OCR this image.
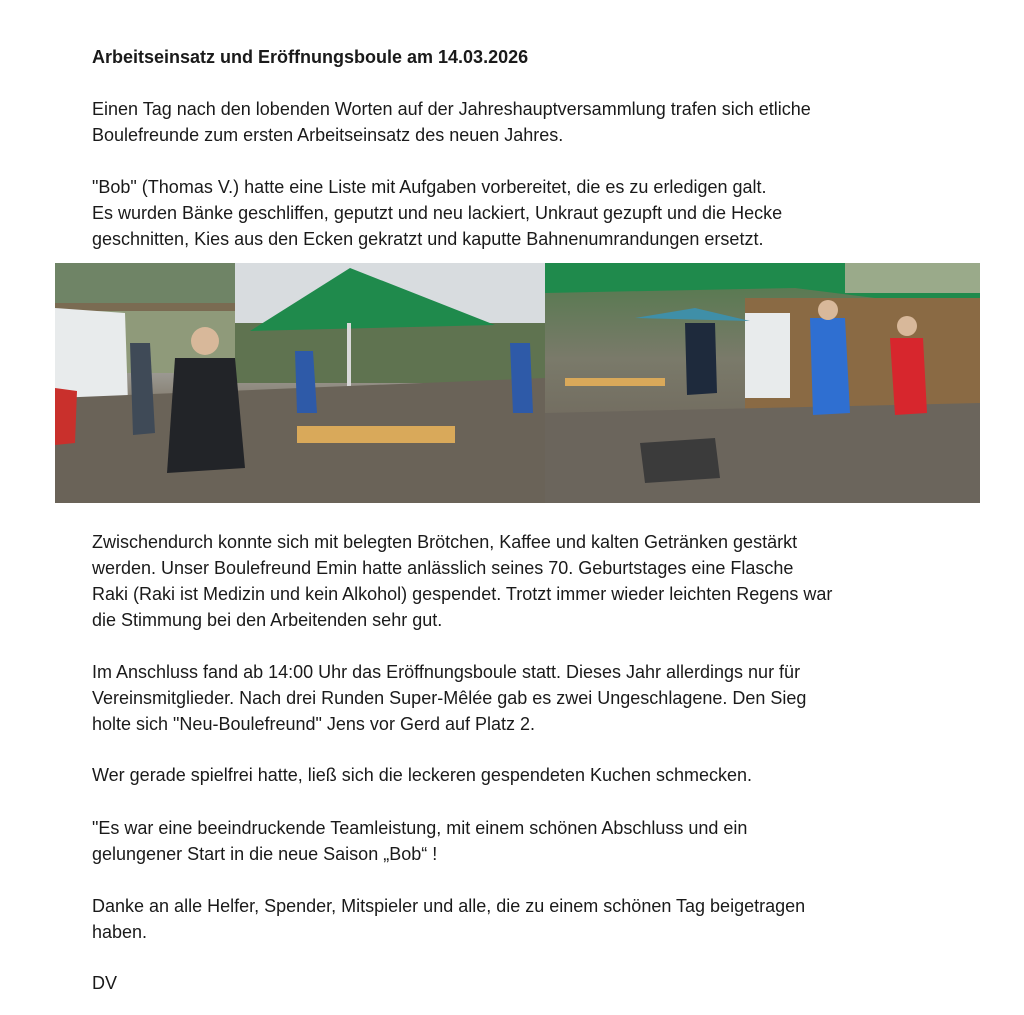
Arbeitseinsatz und Eröffnungsboule am 14.03.2026

Einen Tag nach den lobenden Worten auf der Jahreshauptversammlung trafen sich etliche
Boulefreunde zum ersten Arbeitseinsatz des neuen Jahres.

"Bob" (Thomas V.) hatte eine Liste mit Aufgaben vorbereitet, die es zu erledigen galt.
Es wurden Bänke geschliffen, geputzt und neu lackiert, Unkraut gezupft und die Hecke
geschnitten, Kies aus den Ecken gekratzt und kaputte Bahnenumrandungen ersetzt.

Zwischendurch konnte sich mit belegten Brötchen, Kaffee und kalten Getränken gestärkt
werden. Unser Boulefreund Emin hatte anlässlich seines 70. Geburtstages eine Flasche
Raki (Raki ist Medizin und kein Alkohol) gespendet. Trotzt immer wieder leichten Regens war
die Stimmung bei den Arbeitenden sehr gut.

Im Anschluss fand ab 14:00 Uhr das Eröffnungsboule statt. Dieses Jahr allerdings nur für
Vereinsmitglieder. Nach drei Runden Super-Mêlée gab es zwei Ungeschlagene. Den Sieg
holte sich "Neu-Boulefreund" Jens vor Gerd auf Platz 2.

Wer gerade spielfrei hatte, ließ sich die leckeren gespendeten Kuchen schmecken.

"Es war eine beeindruckende Teamleistung, mit einem schönen Abschluss und ein
gelungener Start in die neue Saison „Bob“ !

Danke an alle Helfer, Spender, Mitspieler und alle, die zu einem schönen Tag beigetragen
haben.

DV
